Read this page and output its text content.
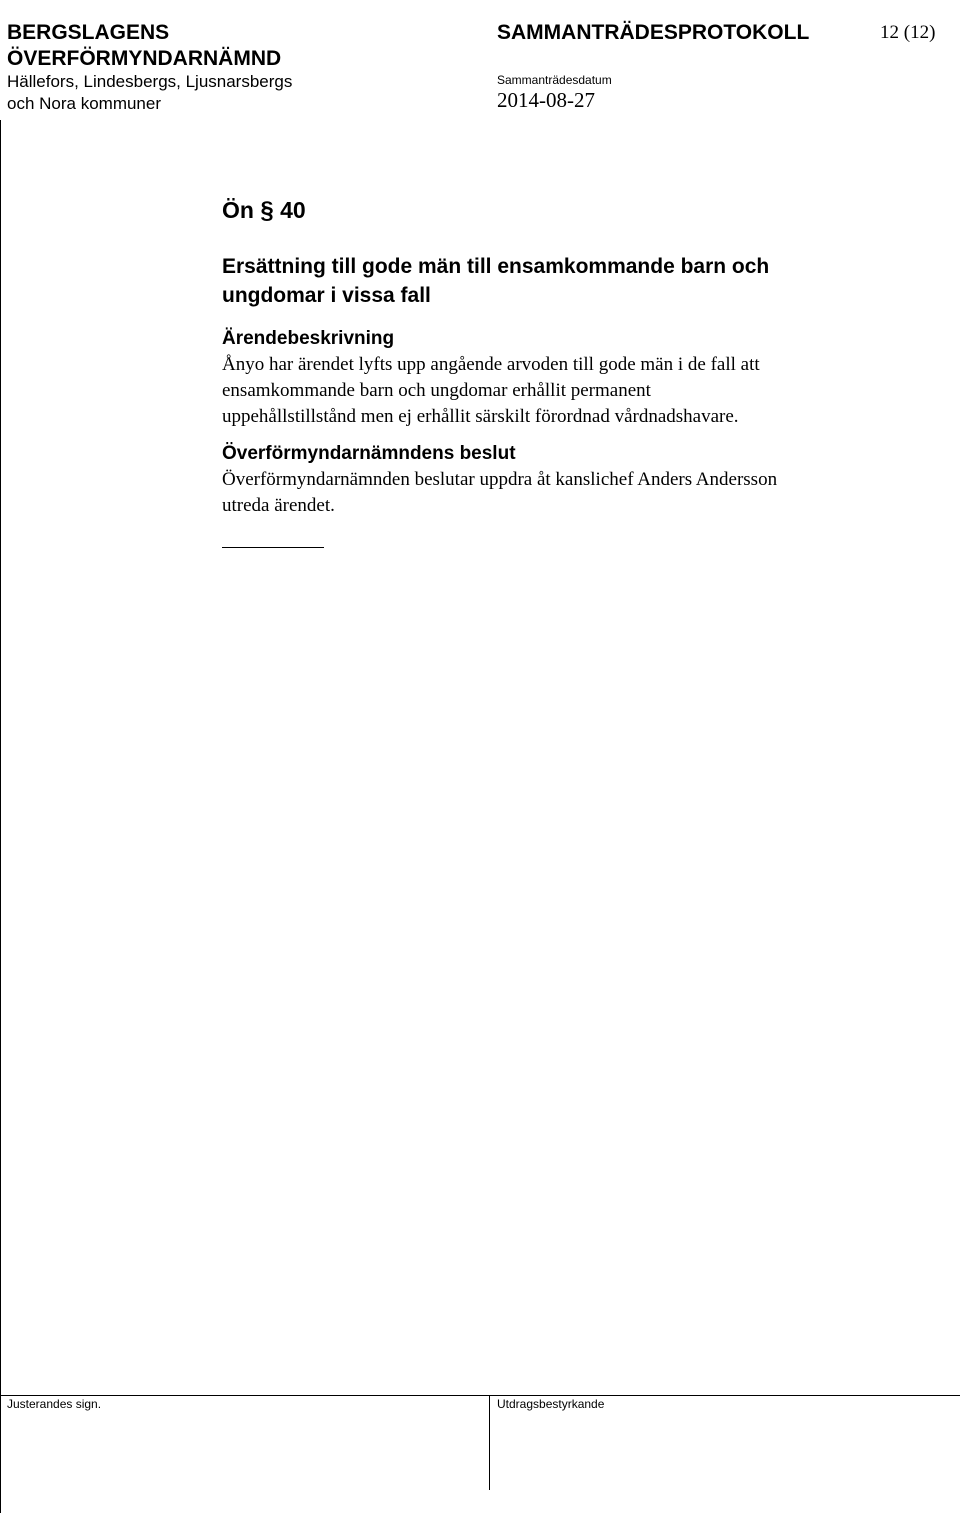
BERGSLAGENS
ÖVERFÖRMYNDARNÄMND
Hällefors, Lindesbergs, Ljusnarsbergs
och Nora kommuner
SAMMANTRÄDESPROTOKOLL	12 (12)
Sammanträdesdatum
2014-08-27
Ön § 40
Ersättning till gode män till ensamkommande barn och
ungdomar i vissa fall
Ärendebeskrivning
Ånyo har ärendet lyfts upp angående arvoden till gode män i de fall att
ensamkommande barn och ungdomar erhållit permanent
uppehållstillstånd men ej erhållit särskilt förordnad vårdnadshavare.
Överförmyndarnämndens beslut
Överförmyndarnämnden beslutar uppdra åt kanslichef Anders Andersson
utreda ärendet.
Justerandes sign.	Utdragsbestyrkande
